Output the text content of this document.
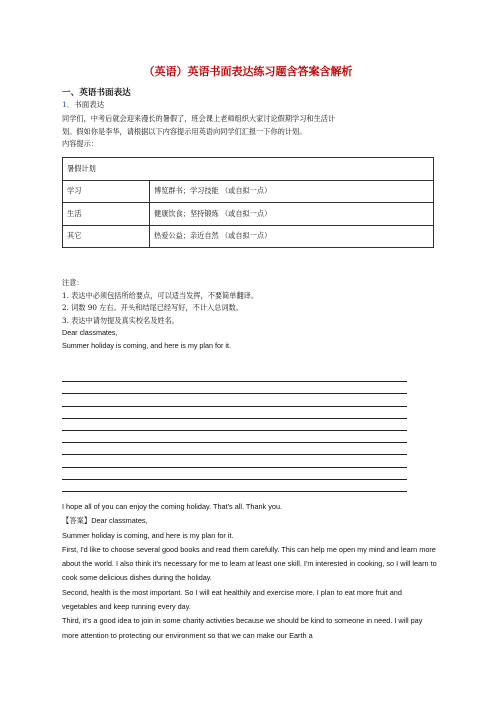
（英语）英语书面表达练习题含答案含解析
一、英语书面表达
1．书面表达

同学们，中考后就会迎来漫长的暑假了，班会课上老师组织大家讨论假期学习和生活计

划。假如你是李华，请根据以下内容提示用英语向同学们汇报一下你的计划。

内容提示：

暑假计划	
学习	博览群书；学习技能 （或自拟一点）
生活	健康饮食；坚持锻炼 （或自拟一点）
其它	热爱公益；亲近自然 （或自拟一点）

注意：

1. 表达中必须包括所给要点，可以适当发挥，不要简单翻译。

2. 词数 90 左右。开头和结尾已经写好，不计入总词数。

3. 表达中请勿提及真实校名及姓名。

Dear classmates,

Summer holiday is coming, and here is my plan for it.

I hope all of you can enjoy the coming holiday. That's all. Thank you.

【答案】Dear classmates,

Summer holiday is coming, and here is my plan for it.

First, I'd like to choose several good books and read them carefully. This can help me open my mind and learn more about the world. I also think it's necessary for me to learn at least one skill. I'm interested in cooking, so I will learn to cook some delicious dishes during the holiday.

Second, health is the most important. So I will eat healthily and exercise more. I plan to eat more fruit and vegetables and keep running every day.

Third, it's a good idea to join in some charity activities because we should be kind to someone in need. I will pay more attention to protecting our environment so that we can make our Earth a
